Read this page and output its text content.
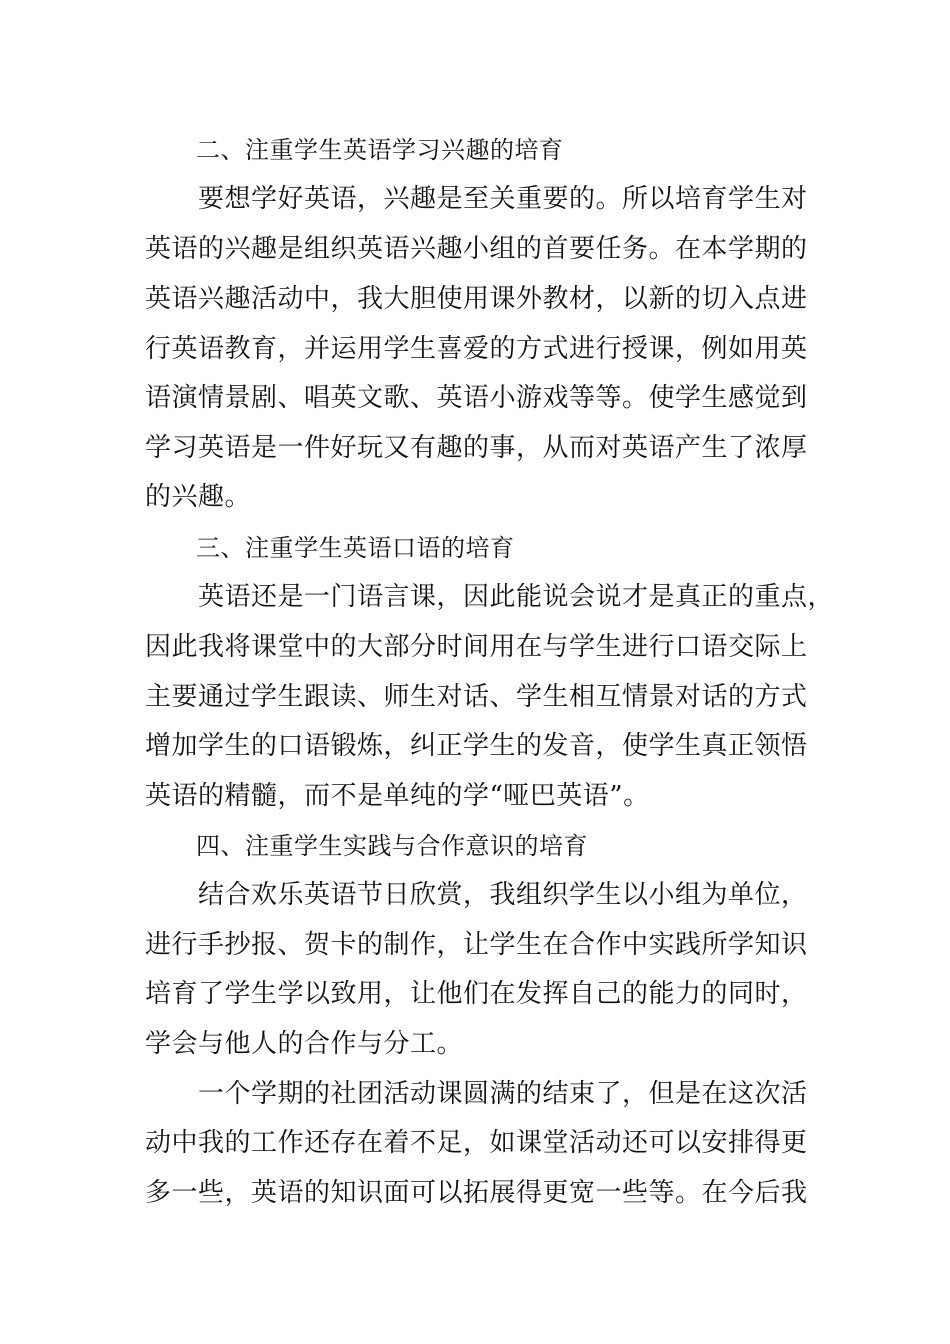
二、注重学生英语学习兴趣的培育
要想学好英语，兴趣是至关重要的。所以培育学生对
英语的兴趣是组织英语兴趣小组的首要任务。在本学期的
英语兴趣活动中，我大胆使用课外教材，以新的切入点进
行英语教育，并运用学生喜爱的方式进行授课，例如用英
语演情景剧、唱英文歌、英语小游戏等等。使学生感觉到
学习英语是一件好玩又有趣的事，从而对英语产生了浓厚
的兴趣。
三、注重学生英语口语的培育
英语还是一门语言课，因此能说会说才是真正的重点，
因此我将课堂中的大部分时间用在与学生进行口语交际上
主要通过学生跟读、师生对话、学生相互情景对话的方式
增加学生的口语锻炼，纠正学生的发音，使学生真正领悟
英语的精髓，而不是单纯的学“哑巴英语”。
四、注重学生实践与合作意识的培育
结合欢乐英语节日欣赏，我组织学生以小组为单位，
进行手抄报、贺卡的制作，让学生在合作中实践所学知识
培育了学生学以致用，让他们在发挥自己的能力的同时，
学会与他人的合作与分工。
一个学期的社团活动课圆满的结束了，但是在这次活
动中我的工作还存在着不足，如课堂活动还可以安排得更
多一些，英语的知识面可以拓展得更宽一些等。在今后我
